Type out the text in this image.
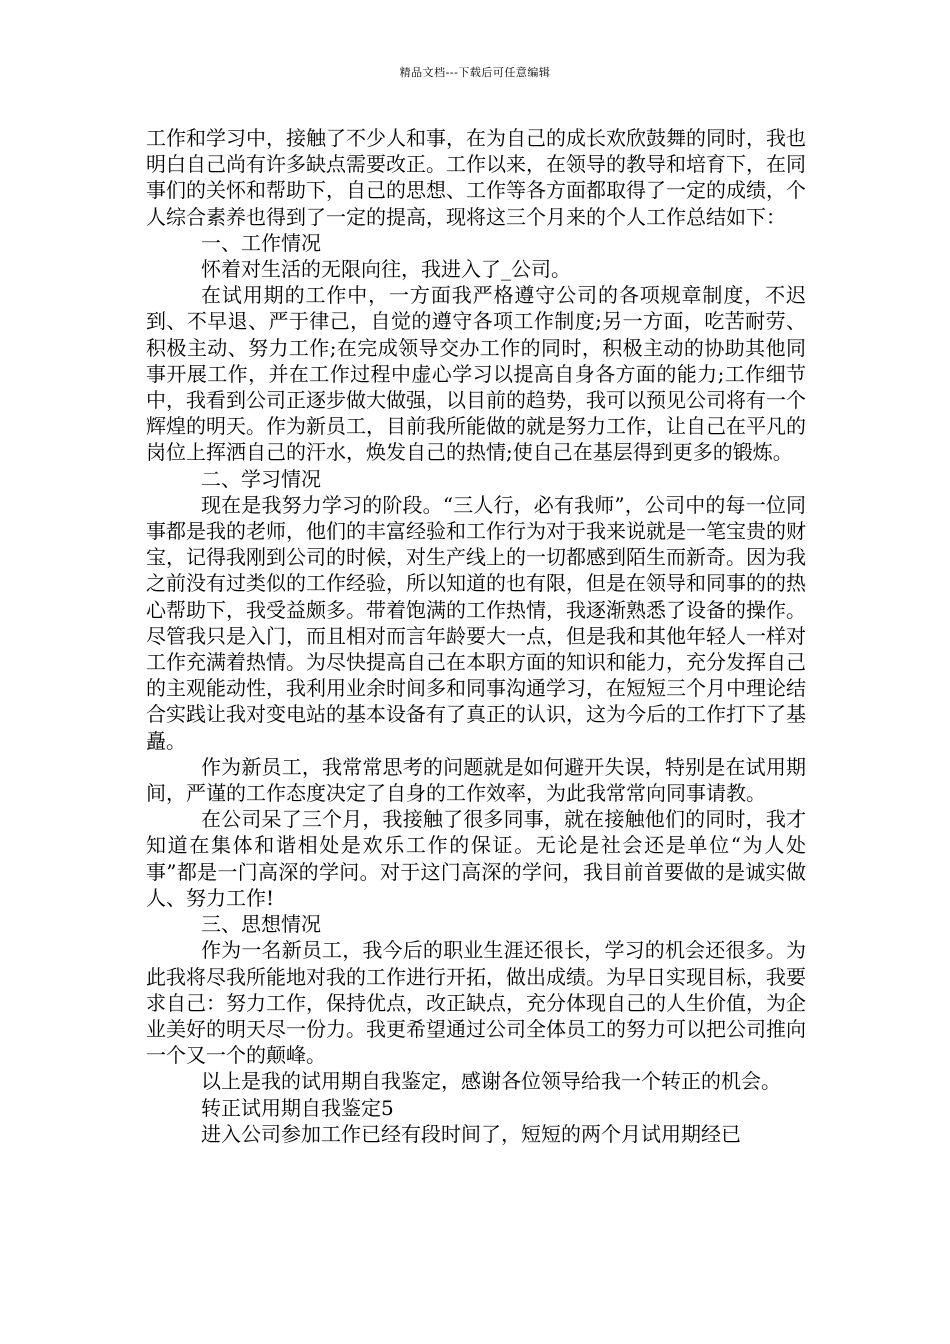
精品文档---下载后可任意编辑

工作和学习中，接触了不少人和事，在为自己的成长欢欣鼓舞的同时，我也明白自己尚有许多缺点需要改正。工作以来，在领导的教导和培育下，在同事们的关怀和帮助下，自己的思想、工作等各方面都取得了一定的成绩，个人综合素养也得到了一定的提高，现将这三个月来的个人工作总结如下：

一、工作情况

怀着对生活的无限向往，我进入了_公司。

在试用期的工作中，一方面我严格遵守公司的各项规章制度，不迟到、不早退、严于律己，自觉的遵守各项工作制度;另一方面，吃苦耐劳、积极主动、努力工作;在完成领导交办工作的同时，积极主动的协助其他同事开展工作，并在工作过程中虚心学习以提高自身各方面的能力;工作细节中，我看到公司正逐步做大做强，以目前的趋势，我可以预见公司将有一个辉煌的明天。作为新员工，目前我所能做的就是努力工作，让自己在平凡的岗位上挥洒自己的汗水，焕发自己的热情;使自己在基层得到更多的锻炼。

二、学习情况

现在是我努力学习的阶段。“三人行，必有我师”，公司中的每一位同事都是我的老师，他们的丰富经验和工作行为对于我来说就是一笔宝贵的财宝，记得我刚到公司的时候，对生产线上的一切都感到陌生而新奇。因为我之前没有过类似的工作经验，所以知道的也有限，但是在领导和同事的的热心帮助下，我受益颇多。带着饱满的工作热情，我逐渐熟悉了设备的操作。尽管我只是入门，而且相对而言年龄要大一点，但是我和其他年轻人一样对工作充满着热情。为尽快提高自己在本职方面的知识和能力，充分发挥自己的主观能动性，我利用业余时间多和同事沟通学习，在短短三个月中理论结合实践让我对变电站的基本设备有了真正的认识，这为今后的工作打下了基矗。

作为新员工，我常常思考的问题就是如何避开失误，特别是在试用期间，严谨的工作态度决定了自身的工作效率，为此我常常向同事请教。

在公司呆了三个月，我接触了很多同事，就在接触他们的同时，我才知道在集体和谐相处是欢乐工作的保证。无论是社会还是单位“为人处事”都是一门高深的学问。对于这门高深的学问，我目前首要做的是诚实做人、努力工作!

三、思想情况

作为一名新员工，我今后的职业生涯还很长，学习的机会还很多。为此我将尽我所能地对我的工作进行开拓，做出成绩。为早日实现目标，我要求自己：努力工作，保持优点，改正缺点，充分体现自己的人生价值，为企业美好的明天尽一份力。我更希望通过公司全体员工的努力可以把公司推向一个又一个的颠峰。

以上是我的试用期自我鉴定，感谢各位领导给我一个转正的机会。

转正试用期自我鉴定5

进入公司参加工作已经有段时间了，短短的两个月试用期经已
